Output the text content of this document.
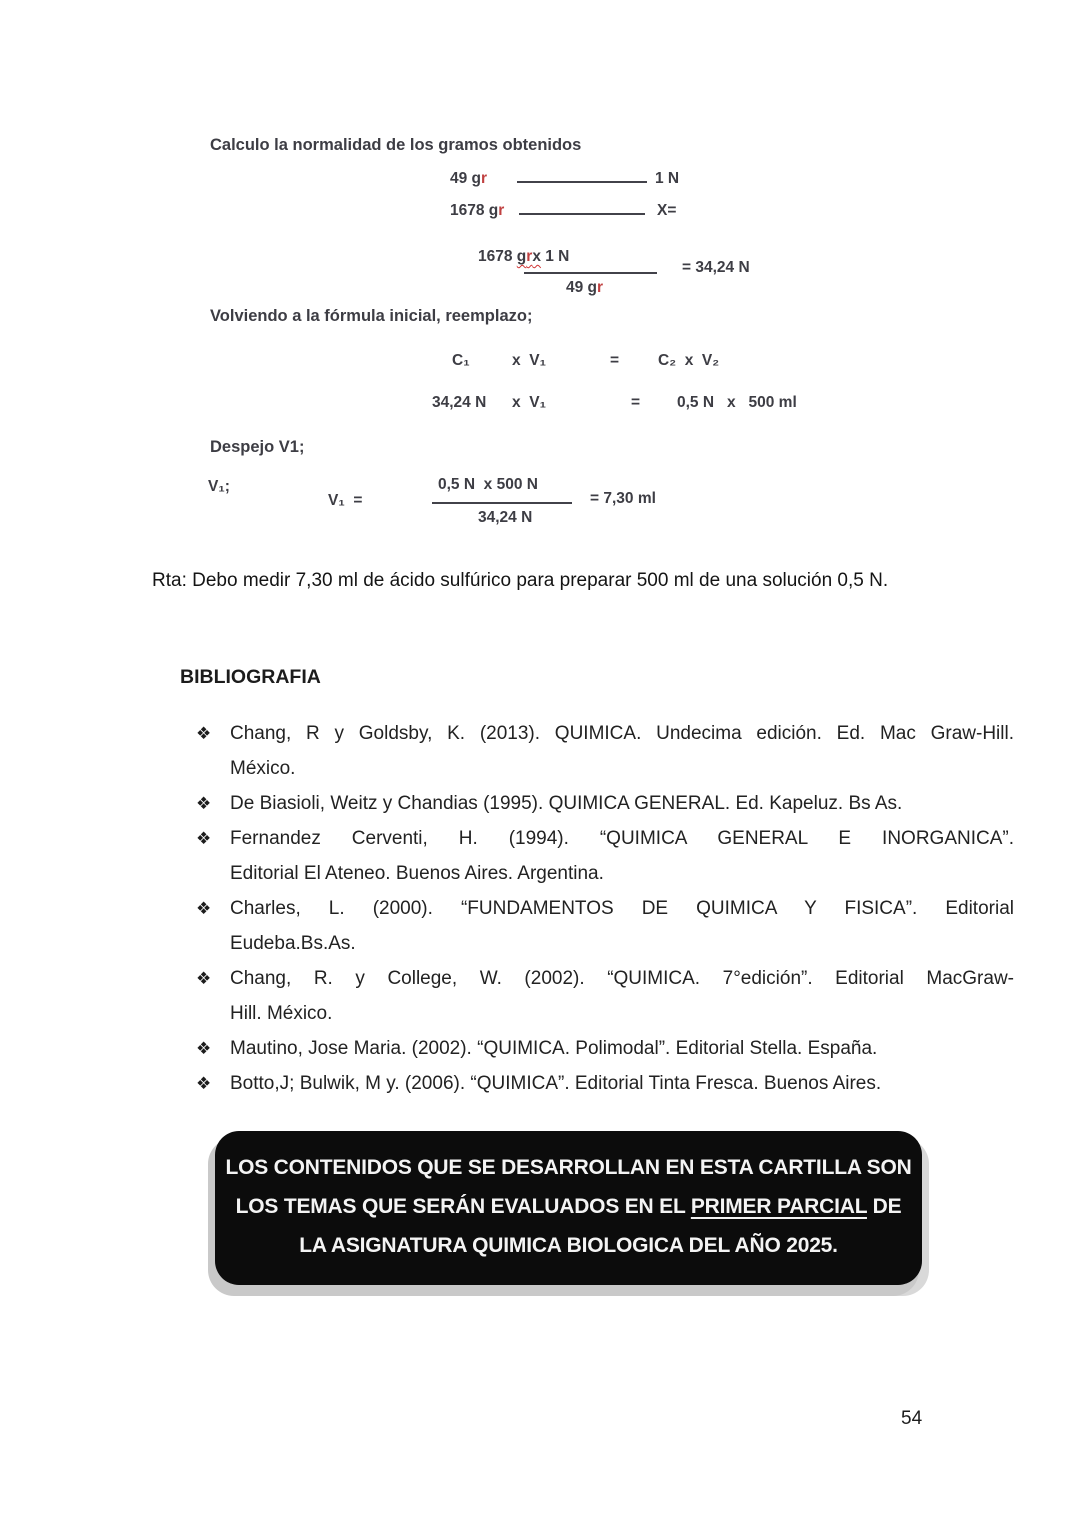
Calculo la normalidad de los gramos obtenidos
49 gr	1 N
1678 gr	X=
1678 grx 1 N
49 gr
= 34,24 N
Volviendo a la fórmula inicial, reemplazo;
C₁	x  V₁	=	C₂  x  V₂
34,24 N x  V₁	= 0,5 N   x   500 ml
Despejo V1;
V₁;
V₁  =
0,5 N  x 500 N
34,24 N
= 7,30 ml
Rta: Debo medir 7,30 ml de ácido sulfúrico para preparar 500 ml de una solución 0,5 N.
BIBLIOGRAFIA
❖ Chang, R y Goldsby, K. (2013). QUIMICA. Undecima edición. Ed. Mac Graw-Hill.
México.
❖ De Biasioli, Weitz y Chandias (1995). QUIMICA GENERAL. Ed. Kapeluz. Bs As.
❖ Fernandez Cerventi, H. (1994). “QUIMICA GENERAL E INORGANICA”.
Editorial El Ateneo. Buenos Aires. Argentina.
❖ Charles, L. (2000). “FUNDAMENTOS DE QUIMICA Y FISICA”. Editorial
Eudeba.Bs.As.
❖ Chang, R. y College, W. (2002). “QUIMICA. 7°edición”. Editorial MacGraw-
Hill. México.
❖ Mautino, Jose Maria. (2002). “QUIMICA. Polimodal”. Editorial Stella. España.
❖ Botto,J; Bulwik, M y. (2006). “QUIMICA”. Editorial Tinta Fresca. Buenos Aires.
LOS CONTENIDOS QUE SE DESARROLLAN EN ESTA CARTILLA SON
LOS TEMAS QUE SERÁN EVALUADOS EN EL PRIMER PARCIAL DE
LA ASIGNATURA QUIMICA BIOLOGICA DEL AÑO 2025.
54
